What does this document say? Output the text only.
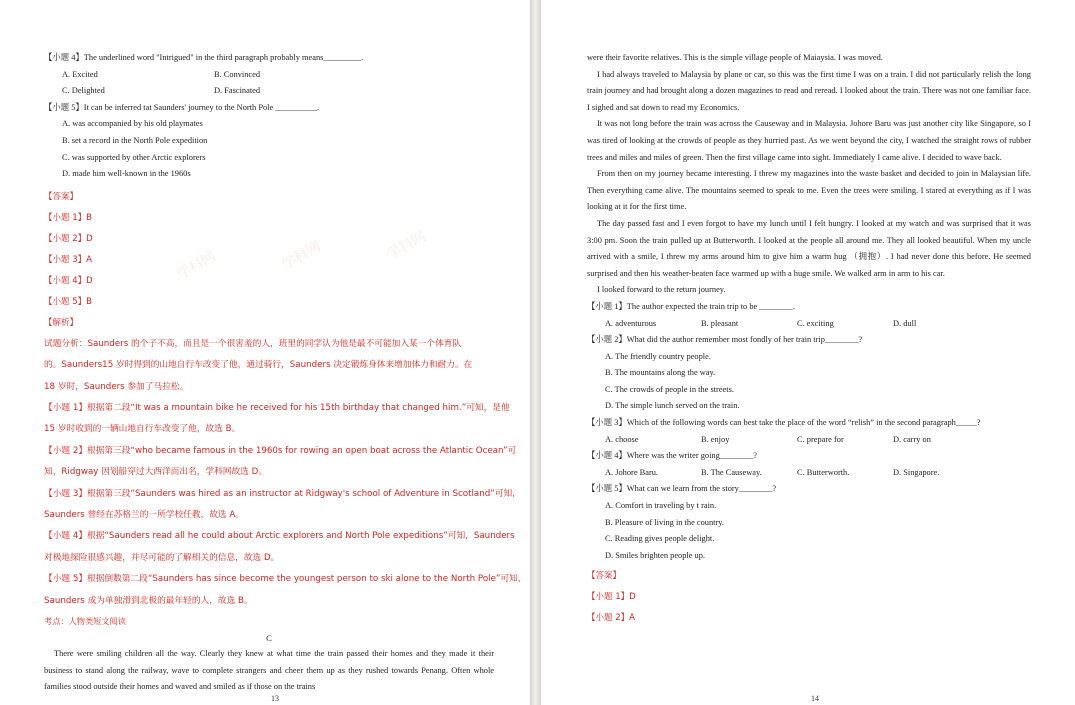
【小题 4】The underlined word "Intrigued" in the third paragraph probably means_________.
A. Excited	B. Convinced
C. Delighted	D. Fascinated
【小题 5】It can be inferred tat Saunders' journey to the North Pole __________.
A. was accompanied by his old playmates
B. set a record in the North Pole expedition
C. was supported by other Arctic explorers
D. made him well-known in the 1960s
【答案】
【小题 1】B
【小题 2】D
【小题 3】A
【小题 4】D
【小题 5】B
【解析】
试题分析：Saunders 的个子不高，而且是一个很害羞的人，班里的同学认为他是最不可能加入某一个体育队
的。Saunders15 岁时得到的山地自行车改变了他，通过骑行，Saunders 决定锻炼身体来增加体力和耐力。在
18 岁时，Saunders 参加了马拉松。
【小题 1】根据第二段“It was a mountain bike he received for his 15th birthday that changed him.”可知，是他
15 岁时收到的一辆山地自行车改变了他，故选 B。
【小题 2】根据第三段“who became famous in the 1960s for rowing an open boat across the Atlantic Ocean”可
知，Ridgway 因划船穿过大西洋而出名，学科网故选 D。
【小题 3】根据第三段“Saunders was hired as an instructor at Ridgway's school of Adventure in Scotland”可知，
Saunders 曾经在苏格兰的一所学校任教，故选 A。
【小题 4】根据“Saunders read all he could about Arctic explorers and North Pole expeditions”可知，Saunders
对极地探险很感兴趣，并尽可能的了解相关的信息，故选 D。
【小题 5】根据倒数第二段“Saunders has since become the youngest person to ski alone to the North Pole”可知，
Saunders 成为单独滑到北极的最年轻的人，故选 B。
考点：人物类短文阅读
C
There were smiling children all the way. Clearly they knew at what time the train passed their homes and they made it their business to stand along the railway, wave to complete strangers and cheer them up as they rushed towards Penang. Often whole families stood outside their homes and waved and smiled as if those on the trains
13
学科网	学科网	学科网
were their favorite relatives. This is the simple village people of Maiaysia. I was moved.
I had always traveled to Malaysia by plane or car, so this was the first time I was on a train. I did not particularly relish the long train journey and had brought along a dozen magazines to read and reread. I looked about the train. There was not one familiar face. I sighed and sat down to read my Economics.
It was not long before the train was across the Causeway and in Malaysia. Johore Baru was just another city like Singapore, so I was tired of looking at the crowds of people as they hurried past. As we went beyond the city, I watched the straight rows of rubber trees and miles and miles of green. Then the first village came into sight. Immediately I came alive. I decided to wave back.
From then on my journey became interesting. I threw my magazines into the waste basket and decided to join in Malaysian life. Then everything came alive. The mountains seemed to speak to me. Even the trees were smiling. I stared at everything as if I was looking at it for the first time.
The day passed fast and I even forgot to have my lunch until I felt hungry. I looked at my watch and was surprised that it was 3:00 pm. Soon the train pulled up at Butterworth. I looked at the people all around me. They all looked beautiful. When my uncle arrived with a smile, I threw my arms around him to give him a warm hug （拥抱）. I had never done this before. He seemed surprised and then his weather-beaten face warmed up with a huge smile. We walked arm in arm to his car.
I looked forward to the return journey.
【小题 1】The author expected the train trip to be ________.
A. adventurous	B. pleasant	C. exciting	D. dull
【小题 2】What did the author remember most fondly of her train trip________?
A. The friendly country people.
B. The mountains along the way.
C. The crowds of people in the streets.
D. The simple lunch served on the train.
【小题 3】Which of the following words can best take the place of the word “relish” in the second paragraph_____?
A. choose	B. enjoy	C. prepare for	D. carry on
【小题 4】Where was the writer going________?
A. Johore Baru.	B. The Causeway.	C. Butterworth.	D. Singapore.
【小题 5】What can we learn from the story________?
A. Comfort in traveling by t rain.
B. Pleasure of living in the country.
C. Reading gives people delight.
D. Smiles brighten people up.
【答案】
【小题 1】D
【小题 2】A
14
